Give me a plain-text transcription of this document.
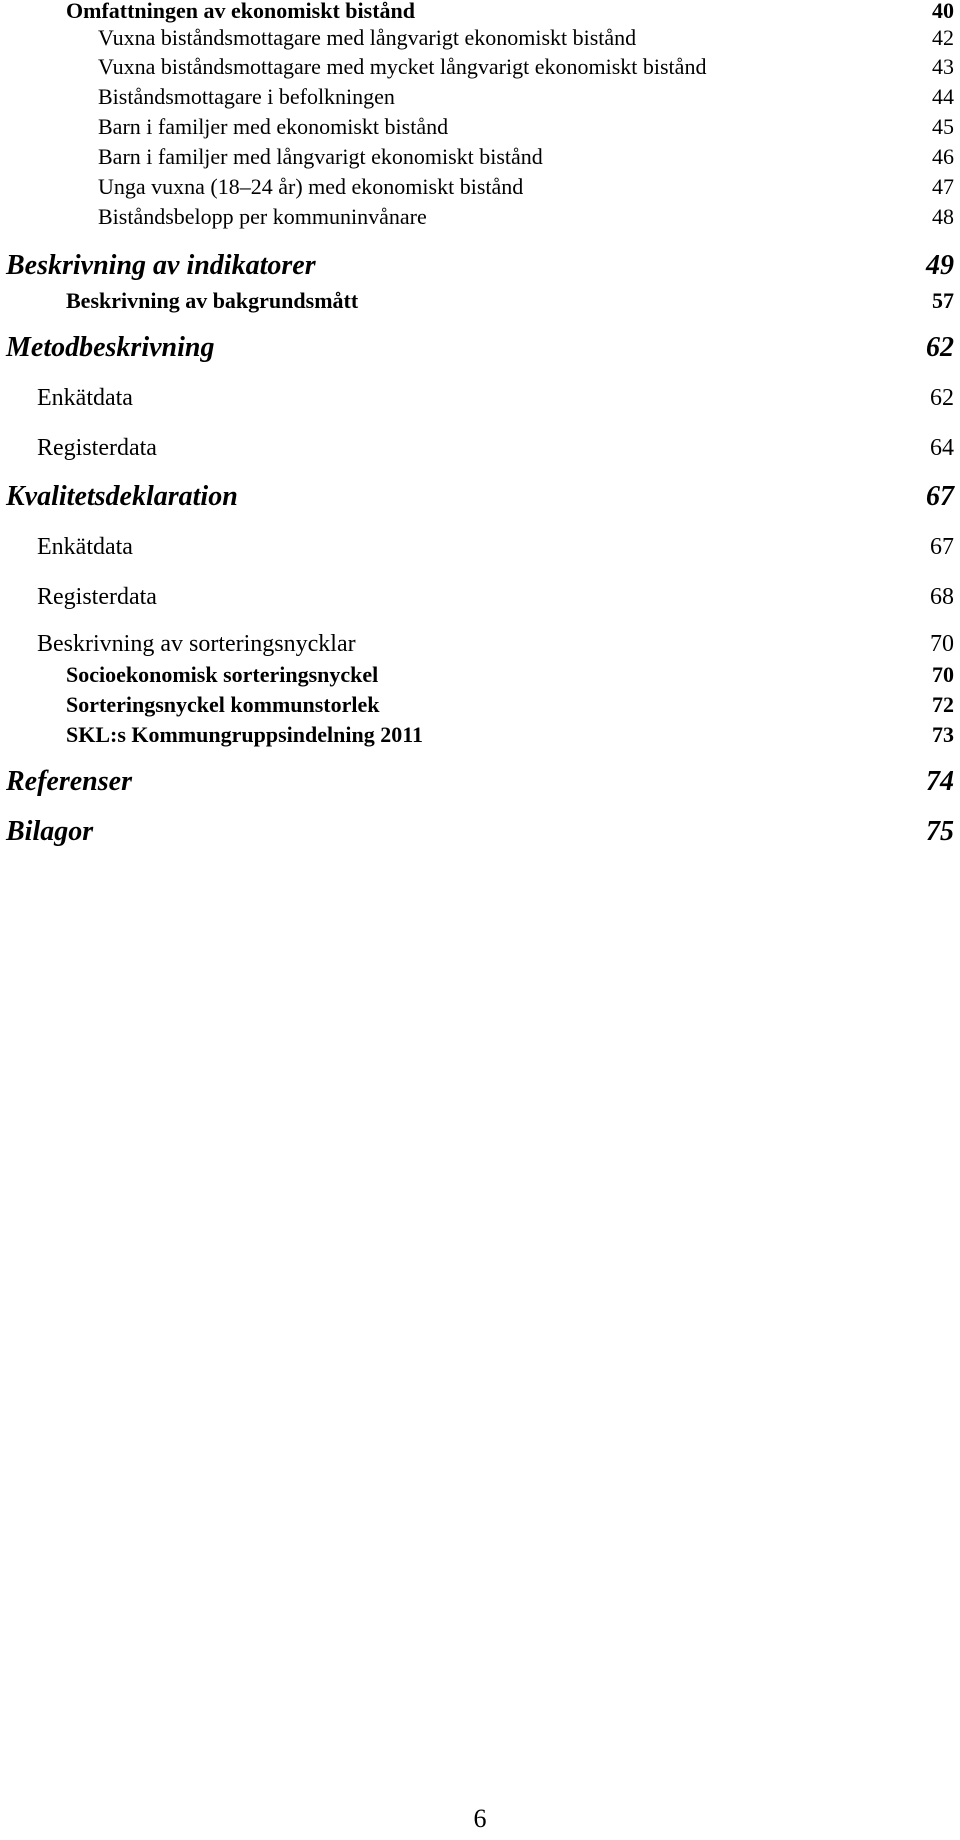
Omfattningen av ekonomiskt bistånd	40
Vuxna biståndsmottagare med långvarigt ekonomiskt bistånd	42
Vuxna biståndsmottagare med mycket långvarigt ekonomiskt bistånd	43
Biståndsmottagare i befolkningen	44
Barn i familjer med ekonomiskt bistånd	45
Barn i familjer med långvarigt ekonomiskt bistånd	46
Unga vuxna (18–24 år) med ekonomiskt bistånd	47
Biståndsbelopp per kommuninvånare	48
Beskrivning av indikatorer	49
Beskrivning av bakgrundsmått	57
Metodbeskrivning	62
Enkätdata	62
Registerdata	64
Kvalitetsdeklaration	67
Enkätdata	67
Registerdata	68
Beskrivning av sorteringsnycklar	70
Socioekonomisk sorteringsnyckel	70
Sorteringsnyckel kommunstorlek	72
SKL:s Kommungruppsindelning 2011	73
Referenser	74
Bilagor	75
6
